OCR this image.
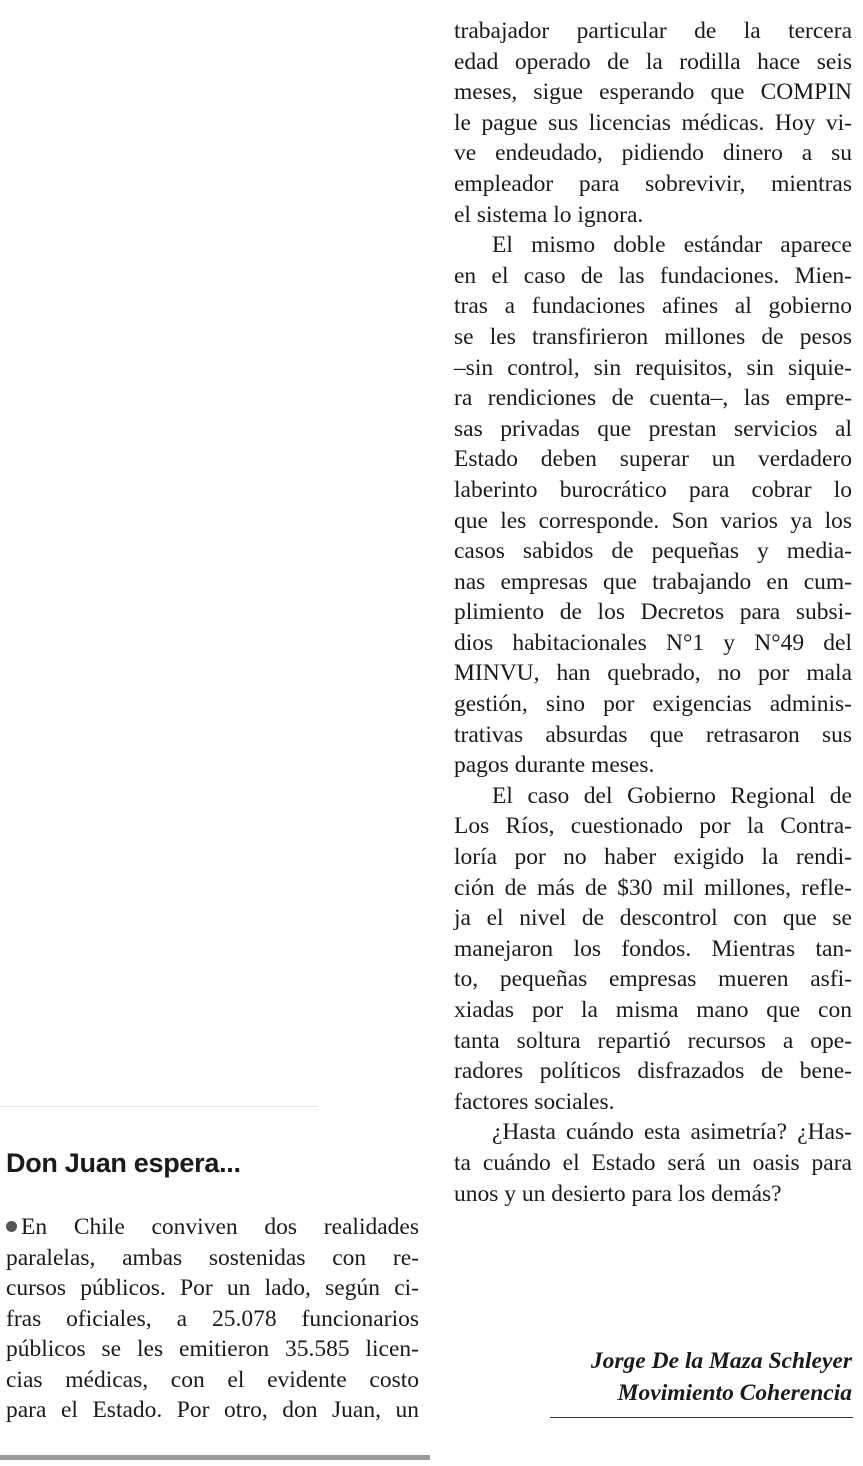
Don Juan espera...
En Chile conviven dos realidades
paralelas, ambas sostenidas con re-
cursos públicos. Por un lado, según ci-
fras oficiales, a 25.078 funcionarios
públicos se les emitieron 35.585 licen-
cias médicas, con el evidente costo
para el Estado. Por otro, don Juan, un
trabajador particular de la tercera
edad operado de la rodilla hace seis
meses, sigue esperando que COMPIN
le pague sus licencias médicas. Hoy vi-
ve endeudado, pidiendo dinero a su
empleador para sobrevivir, mientras
el sistema lo ignora.
El mismo doble estándar aparece
en el caso de las fundaciones. Mien-
tras a fundaciones afines al gobierno
se les transfirieron millones de pesos
–sin control, sin requisitos, sin siquie-
ra rendiciones de cuenta–, las empre-
sas privadas que prestan servicios al
Estado deben superar un verdadero
laberinto burocrático para cobrar lo
que les corresponde. Son varios ya los
casos sabidos de pequeñas y media-
nas empresas que trabajando en cum-
plimiento de los Decretos para subsi-
dios habitacionales N°1 y N°49 del
MINVU, han quebrado, no por mala
gestión, sino por exigencias adminis-
trativas absurdas que retrasaron sus
pagos durante meses.
El caso del Gobierno Regional de
Los Ríos, cuestionado por la Contra-
loría por no haber exigido la rendi-
ción de más de $30 mil millones, refle-
ja el nivel de descontrol con que se
manejaron los fondos. Mientras tan-
to, pequeñas empresas mueren asfi-
xiadas por la misma mano que con
tanta soltura repartió recursos a ope-
radores políticos disfrazados de bene-
factores sociales.
¿Hasta cuándo esta asimetría? ¿Has-
ta cuándo el Estado será un oasis para
unos y un desierto para los demás?
Jorge De la Maza Schleyer
Movimiento Coherencia
